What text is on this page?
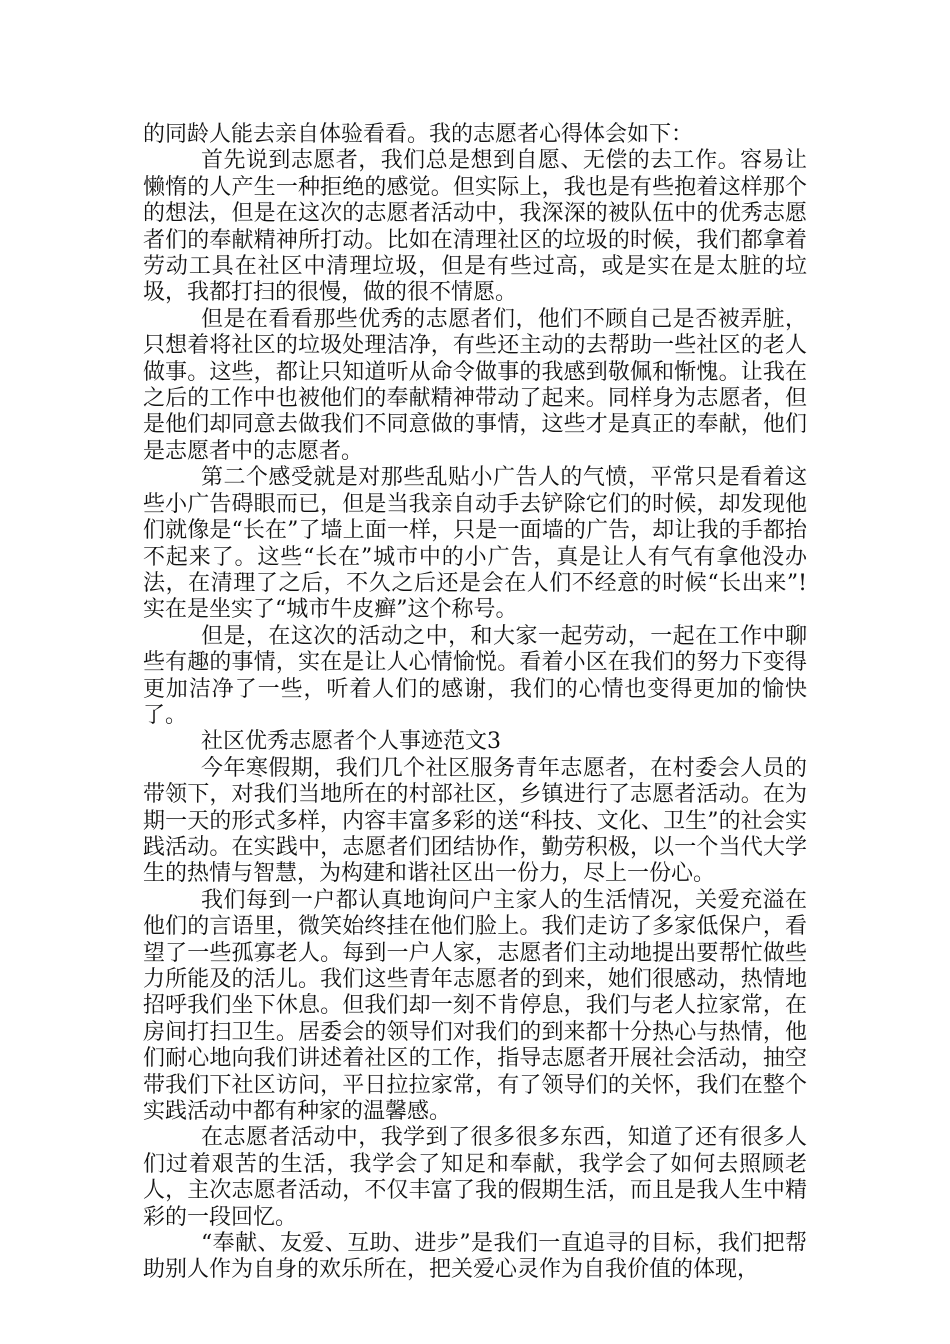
的同龄人能去亲自体验看看。我的志愿者心得体会如下：

首先说到志愿者，我们总是想到自愿、无偿的去工作。容易让懒惰的人产生一种拒绝的感觉。但实际上，我也是有些抱着这样那个的想法，但是在这次的志愿者活动中，我深深的被队伍中的优秀志愿者们的奉献精神所打动。比如在清理社区的垃圾的时候，我们都拿着劳动工具在社区中清理垃圾，但是有些过高，或是实在是太脏的垃圾，我都打扫的很慢，做的很不情愿。

但是在看看那些优秀的志愿者们，他们不顾自己是否被弄脏，只想着将社区的垃圾处理洁净，有些还主动的去帮助一些社区的老人做事。这些，都让只知道听从命令做事的我感到敬佩和惭愧。让我在之后的工作中也被他们的奉献精神带动了起来。同样身为志愿者，但是他们却同意去做我们不同意做的事情，这些才是真正的奉献，他们是志愿者中的志愿者。

第二个感受就是对那些乱贴小广告人的气愤，平常只是看着这些小广告碍眼而已，但是当我亲自动手去铲除它们的时候，却发现他们就像是“长在”了墙上面一样，只是一面墙的广告，却让我的手都抬不起来了。这些“长在”城市中的小广告，真是让人有气有拿他没办法，在清理了之后，不久之后还是会在人们不经意的时候“长出来”!实在是坐实了“城市牛皮癣”这个称号。

但是，在这次的活动之中，和大家一起劳动，一起在工作中聊些有趣的事情，实在是让人心情愉悦。看着小区在我们的努力下变得更加洁净了一些，听着人们的感谢，我们的心情也变得更加的愉快了。

社区优秀志愿者个人事迹范文3

今年寒假期，我们几个社区服务青年志愿者，在村委会人员的带领下，对我们当地所在的村部社区，乡镇进行了志愿者活动。在为期一天的形式多样，内容丰富多彩的送“科技、文化、卫生”的社会实践活动。在实践中，志愿者们团结协作，勤劳积极，以一个当代大学生的热情与智慧，为构建和谐社区出一份力，尽上一份心。

我们每到一户都认真地询问户主家人的生活情况，关爱充溢在他们的言语里，微笑始终挂在他们脸上。我们走访了多家低保户，看望了一些孤寡老人。每到一户人家，志愿者们主动地提出要帮忙做些力所能及的活儿。我们这些青年志愿者的到来，她们很感动，热情地招呼我们坐下休息。但我们却一刻不肯停息，我们与老人拉家常，在房间打扫卫生。居委会的领导们对我们的到来都十分热心与热情，他们耐心地向我们讲述着社区的工作，指导志愿者开展社会活动，抽空带我们下社区访问，平日拉拉家常，有了领导们的关怀，我们在整个实践活动中都有种家的温馨感。

在志愿者活动中，我学到了很多很多东西，知道了还有很多人们过着艰苦的生活，我学会了知足和奉献，我学会了如何去照顾老人，主次志愿者活动，不仅丰富了我的假期生活，而且是我人生中精彩的一段回忆。

“奉献、友爱、互助、进步”是我们一直追寻的目标，我们把帮助别人作为自身的欢乐所在，把关爱心灵作为自我价值的体现，
